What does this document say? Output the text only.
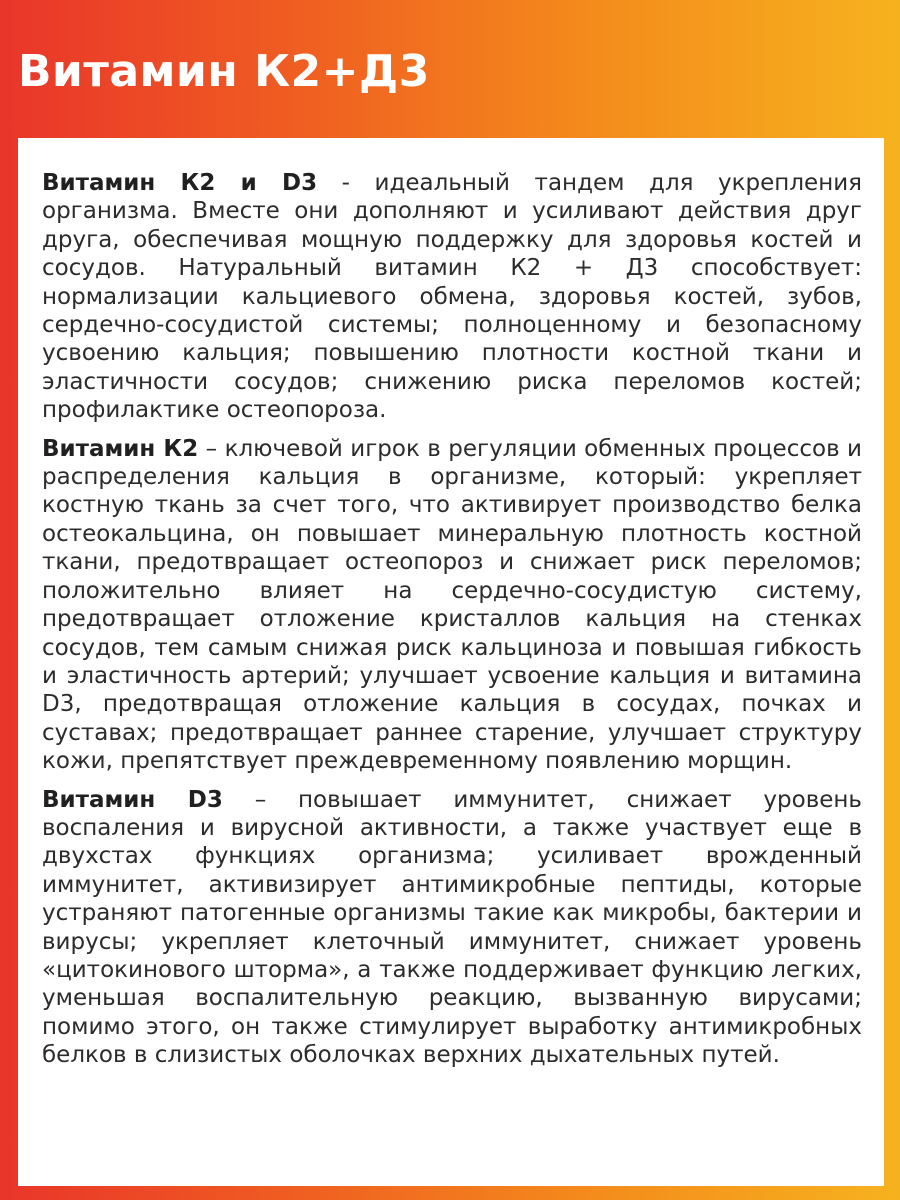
Витамин К2+Д3

Витамин К2 и D3 - идеальный тандем для укрепления организма. Вместе они дополняют и усиливают действия друг друга, обеспечивая мощную поддержку для здоровья костей и сосудов. Натуральный витамин К2 + Д3 способствует: нормализации кальциевого обмена, здоровья костей, зубов, сердечно-сосудистой системы; полноценному и безопасному усвоению кальция; повышению плотности костной ткани и эластичности сосудов; снижению риска переломов костей; профилактике остеопороза.

Витамин К2 – ключевой игрок в регуляции обменных процессов и распределения кальция в организме, который: укрепляет костную ткань за счет того, что активирует производство белка остеокальцина, он повышает минеральную плотность костной ткани, предотвращает остеопороз и снижает риск переломов; положительно влияет на сердечно-сосудистую систему, предотвращает отложение кристаллов кальция на стенках сосудов, тем самым снижая риск кальциноза и повышая гибкость и эластичность артерий; улучшает усвоение кальция и витамина D3, предотвращая отложение кальция в сосудах, почках и суставах; предотвращает раннее старение, улучшает структуру кожи, препятствует преждевременному появлению морщин.

Витамин D3 – повышает иммунитет, снижает уровень воспаления и вирусной активности, а также участвует еще в двухстах функциях организма; усиливает врожденный иммунитет, активизирует антимикробные пептиды, которые устраняют патогенные организмы такие как микробы, бактерии и вирусы; укрепляет клеточный иммунитет, снижает уровень «цитокинового шторма», а также поддерживает функцию легких, уменьшая воспалительную реакцию, вызванную вирусами; помимо этого, он также стимулирует выработку антимикробных белков в слизистых оболочках верхних дыхательных путей.
